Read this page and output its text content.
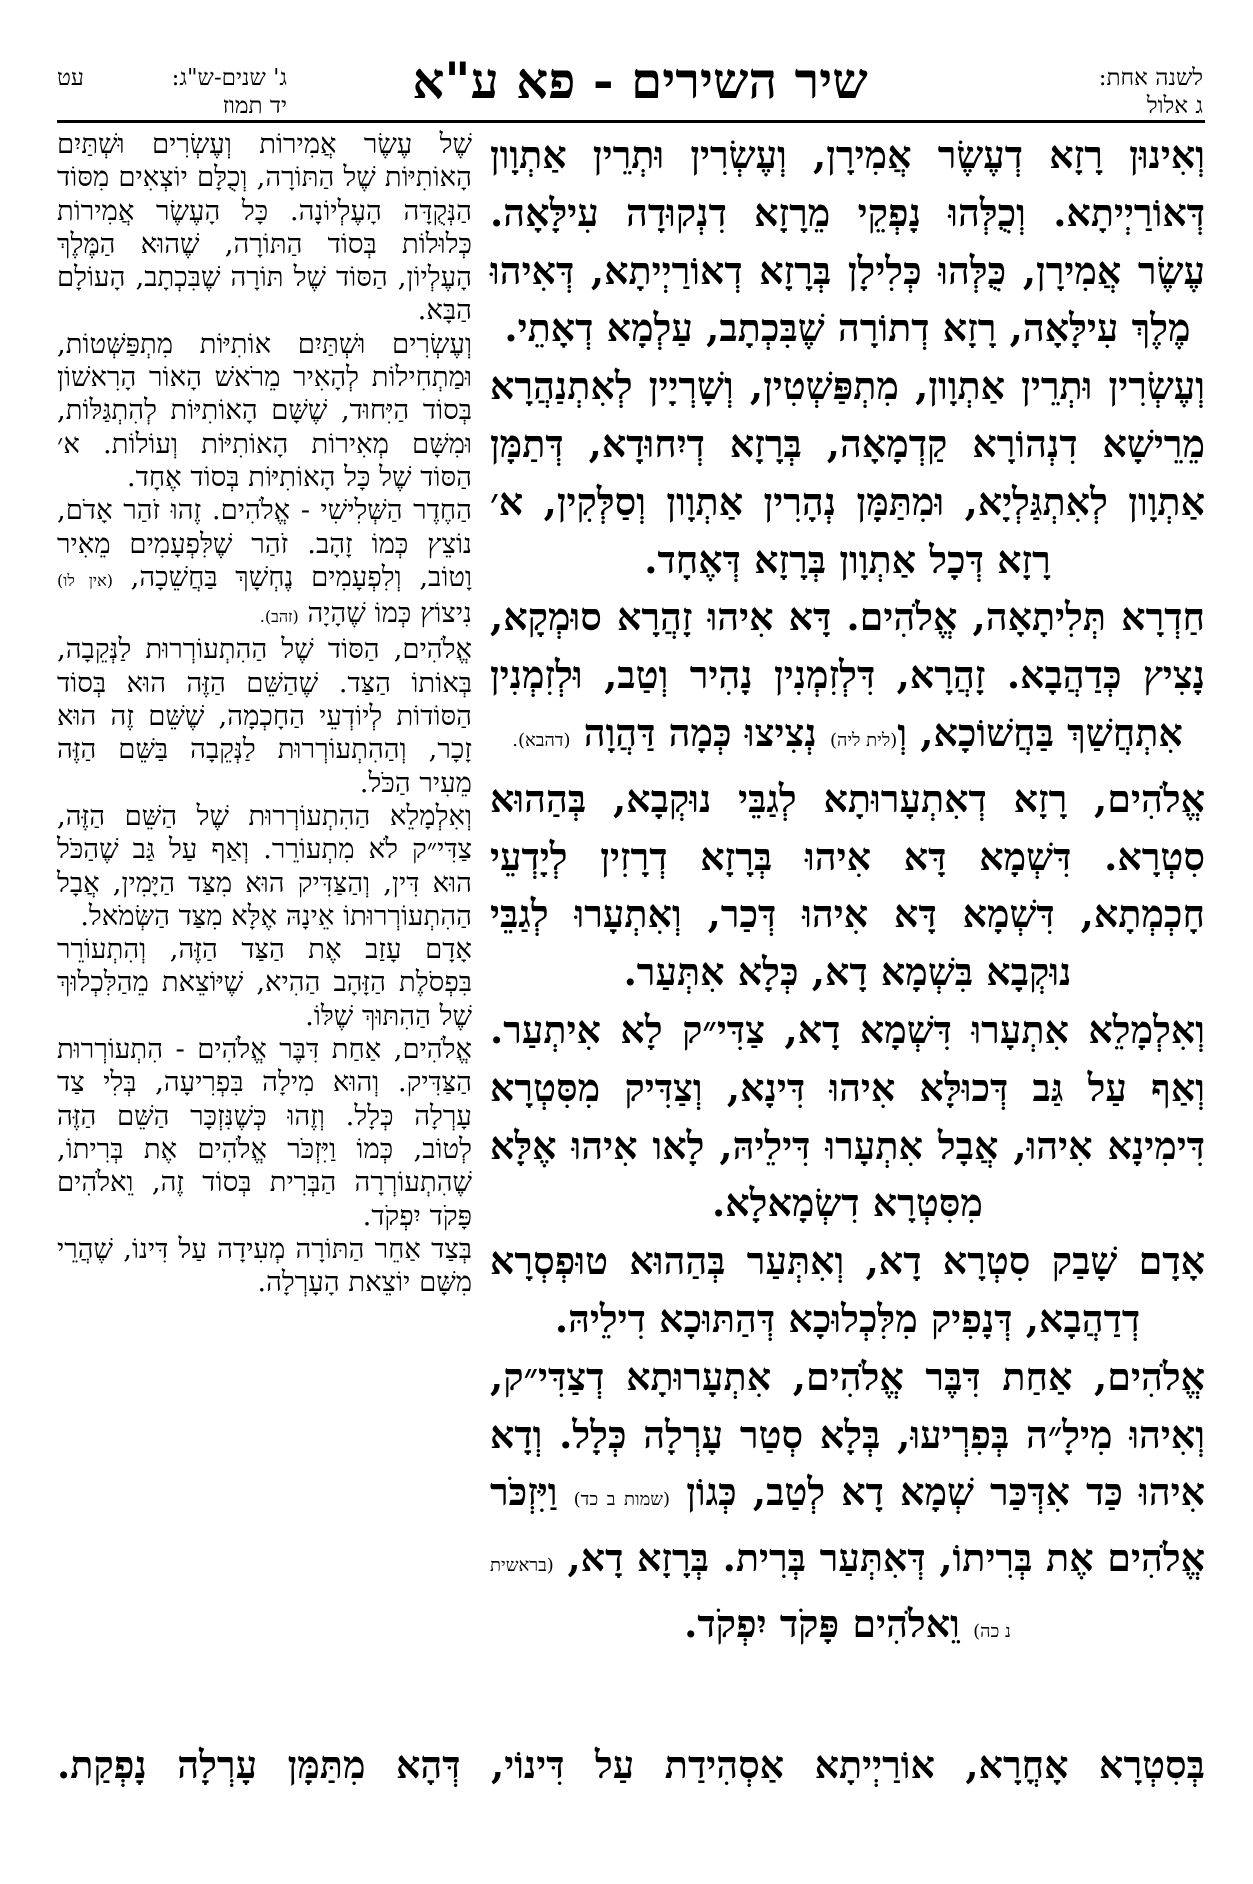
לשנה אחת:
ג אלול
שיר השירים - פא ע"א
ג' שנים-ש"ג:
עט
יד תמוז

וְאִינוּן רָזָא דְעֶשֶׂר אֲמִירָן, וְעֶשְׂרִין וּתְרֵין אַתְוָון דְּאוֹרַיְיתָא. וְכֻלְּהוּ נָפְקֵי מֵרָזָא דִנְקוּדָה עִילָּאָה. עֶשֶׂר אֲמִירָן, כֻּלְּהוּ כְּלִילָן בְּרָזָא דְאוֹרַיְיתָא, דְּאִיהוּ מֶלֶךְ עִילָּאָה, רָזָא דְתוֹרָה שֶׁבִּכְתָב, עַלְמָא דְאָתֵי.

וְעֶשְׂרִין וּתְרֵין אַתְוָון, מִתְפַּשְׁטִין, וְשָׁרְיָין לְאִתְנַהֲרָא מֵרֵישָׁא דִנְהוֹרָא קַדְמָאָה, בְּרָזָא דְיִחוּדָא, דְּתַמָּן אַתְוָון לְאִתְגַּלְיָא, וּמִתַּמָּן נְהָרִין אַתְוָון וְסַלְּקִין, א׳ רָזָא דְּכָל אַתְוָון בְּרָזָא דְּאֶחָד.

חַדְרָא תְּלִיתָאָה, אֱלֹהִים. דָּא אִיהוּ זָהֲרָא סוּמְקָא, נָצִיץ כְּדַהֲבָא. זָהֲרָא, דִּלְזִמְנִין נָהִיר וְטַב, וּלְזִמְנִין אִתְחֲשַׁךְ בַּחֲשׁוֹכָא, וְ(לית ליה) נְצִיצוּ כְּמָה דַּהֲוָה (דהבא).

אֱלֹהִים, רָזָא דְאִתְעָרוּתָא לְגַבֵּי נוּקְבָא, בְּהַהוּא סִטְרָא. דִּשְׁמָא דָּא אִיהוּ בְּרָזָא דְרָזִין לְיָדְעֵי חָכְמְתָא, דִּשְׁמָא דָּא אִיהוּ דְּכַר, וְאִתְעָרוּ לְגַבֵּי נוּקְבָא בִּשְׁמָא דָא, כְּלָא אִתְּעַר.

וְאִלְמָלֵא אִתְעָרוּ דִּשְׁמָא דָא, צַדִּי״ק לָא אִיתְעַר. וְאַף עַל גַּב דְּכוּלָּא אִיהוּ דִּינָא, וְצַדִּיק מִסִּטְרָא דִּימִינָא אִיהוּ, אֲבָל אִתְעָרוּ דִּילֵיהּ, לָאו אִיהוּ אֶלָּא מִסִּטְרָא דִשְׂמָאלָא.

אָדָם שָׁבַק סִטְרָא דָא, וְאִתְּעַר בְּהַהוּא טוּפְסְרָא דְדַהֲבָא, דְּנָפִיק מִלִּכְלוּכָא דְּהַתּוּכָא דִילֵיהּ.

אֱלֹהִים, אַחַת דִּבֶּר אֱלֹהִים, אִתְעָרוּתָא דְצַדִּי״ק, וְאִיהוּ מִילָ״ה בְּפִרְיעוּ, בְּלָא סְטַר עָרְלָה כְּלָל. וְדָא אִיהוּ כַּד אִדְּכַּר שְׁמָא דָא לְטַב, כְּגוֹן (שמות ב כד) וַיִּזְכֹּר אֱלֹהִים אֶת בְּרִיתוֹ, דְּאִתְּעַר בְּרִית. בְּרָזָא דָא, (בראשית נ כה) וֵאלֹהִים פָּקֹד יִפְקֹד.

שֶׁל עֶשֶׂר אֲמִירוֹת וְעֶשְׂרִים וּשְׁתַּיִם הָאוֹתִיּוֹת שֶׁל הַתּוֹרָה, וְכֻלָּם יוֹצְאִים מִסּוֹד הַנְּקֻדָּה הָעֶלְיוֹנָה. כָּל הָעֶשֶׂר אֲמִירוֹת כְּלוּלוֹת בְּסוֹד הַתּוֹרָה, שֶׁהוּא הַמֶּלֶךְ הָעֶלְיוֹן, הַסּוֹד שֶׁל תּוֹרָה שֶׁבִּכְתָב, הָעוֹלָם הַבָּא.

וְעֶשְׂרִים וּשְׁתַּיִם אוֹתִיּוֹת מִתְפַּשְּׁטוֹת, וּמַתְחִילוֹת לְהָאִיר מֵרֹאשׁ הָאוֹר הָרִאשׁוֹן בְּסוֹד הַיִּחוּד, שֶׁשָּׁם הָאוֹתִיּוֹת לְהִתְגַּלּוֹת, וּמִשָּׁם מְאִירוֹת הָאוֹתִיּוֹת וְעוֹלוֹת. א׳ הַסּוֹד שֶׁל כָּל הָאוֹתִיּוֹת בְּסוֹד אֶחָד.

הַחֶדֶר הַשְּׁלִישִׁי - אֱלֹהִים. זֶהוּ זֹהַר אָדֹם, נוֹצֵץ כְּמוֹ זָהָב. זֹהַר שֶׁלִּפְעָמִים מֵאִיר וָטוֹב, וְלִפְעָמִים נֶחְשָׁךְ בַּחֲשֵׁכָה, (אין לו) נִיצוֹץ כְּמוֹ שֶׁהָיָה (זהב).

אֱלֹהִים, הַסּוֹד שֶׁל הַהִתְעוֹרְרוּת לַנְּקֵבָה, בְּאוֹתוֹ הַצַּד. שֶׁהַשֵּׁם הַזֶּה הוּא בְּסוֹד הַסּוֹדוֹת לְיוֹדְעֵי הַחָכְמָה, שֶׁשֵּׁם זֶה הוּא זָכָר, וְהַהִתְעוֹרְרוּת לַנְּקֵבָה בַּשֵּׁם הַזֶּה מֵעִיר הַכֹּל.

וְאִלְמָלֵא הַהִתְעוֹרְרוּת שֶׁל הַשֵּׁם הַזֶּה, צַדִּי״ק לֹא מִתְעוֹרֵר. וְאַף עַל גַּב שֶׁהַכֹּל הוּא דִּין, וְהַצַּדִּיק הוּא מִצַּד הַיָּמִין, אֲבָל הַהִתְעוֹרְרוּתוֹ אֵינָהּ אֶלָּא מִצַּד הַשְּׂמֹאל.

אָדָם עָזַב אֶת הַצַּד הַזֶּה, וְהִתְעוֹרֵר בִּפְסֹלֶת הַזָּהָב הַהִיא, שֶׁיּוֹצֵאת מֵהַלִּכְלוּךְ שֶׁל הַהִתּוּךְ שֶׁלּוֹ.

אֱלֹהִים, אַחַת דִּבֶּר אֱלֹהִים - הִתְעוֹרְרוּת הַצַּדִּיק. וְהוּא מִילָה בִּפְרִיעָה, בְּלִי צַד עָרְלָה כְּלָל. וְזֶהוּ כְּשֶׁנִּזְכָּר הַשֵּׁם הַזֶּה לְטוֹב, כְּמוֹ וַיִּזְכֹּר אֱלֹהִים אֶת בְּרִיתוֹ, שֶׁהִתְעוֹרְרָה הַבְּרִית בְּסוֹד זֶה, וֵאלֹהִים פָּקֹד יִפְקֹד.

בְּצַד אַחֵר הַתּוֹרָה מְעִידָה עַל דִּינוֹ, שֶׁהֲרֵי מִשָּׁם יוֹצֵאת הָעָרְלָה.

בְּסִטְרָא אָחֳרָא, אוֹרַיְיתָא אַסְהִידַת עַל דִּינוֹי, דְּהָא מִתַּמָּן עָרְלָה נָפְקַת.
